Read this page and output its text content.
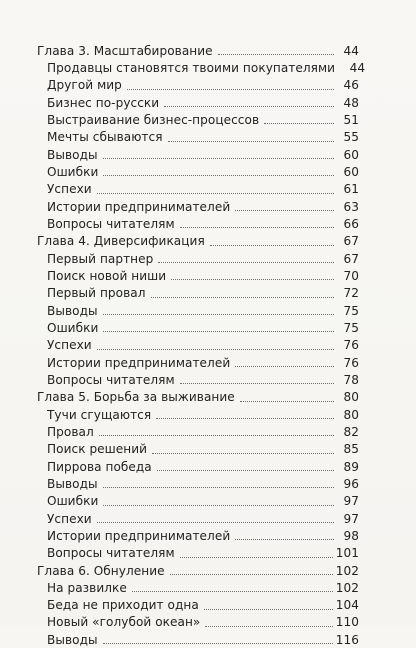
Глава 3. Масштабирование	44
Продавцы становятся твоими покупателями	44
Другой мир	46
Бизнес по-русски	48
Выстраивание бизнес-процессов	51
Мечты сбываются	55
Выводы	60
Ошибки	60
Успехи	61
Истории предпринимателей	63
Вопросы читателям	66
Глава 4. Диверсификация	67
Первый партнер	67
Поиск новой ниши	70
Первый провал	72
Выводы	75
Ошибки	75
Успехи	76
Истории предпринимателей	76
Вопросы читателям	78
Глава 5. Борьба за выживание	80
Тучи сгущаются	80
Провал	82
Поиск решений	85
Пиррова победа	89
Выводы	96
Ошибки	97
Успехи	97
Истории предпринимателей	98
Вопросы читателям	101
Глава 6. Обнуление	102
На развилке	102
Беда не приходит одна	104
Новый «голубой океан»	110
Выводы	116
